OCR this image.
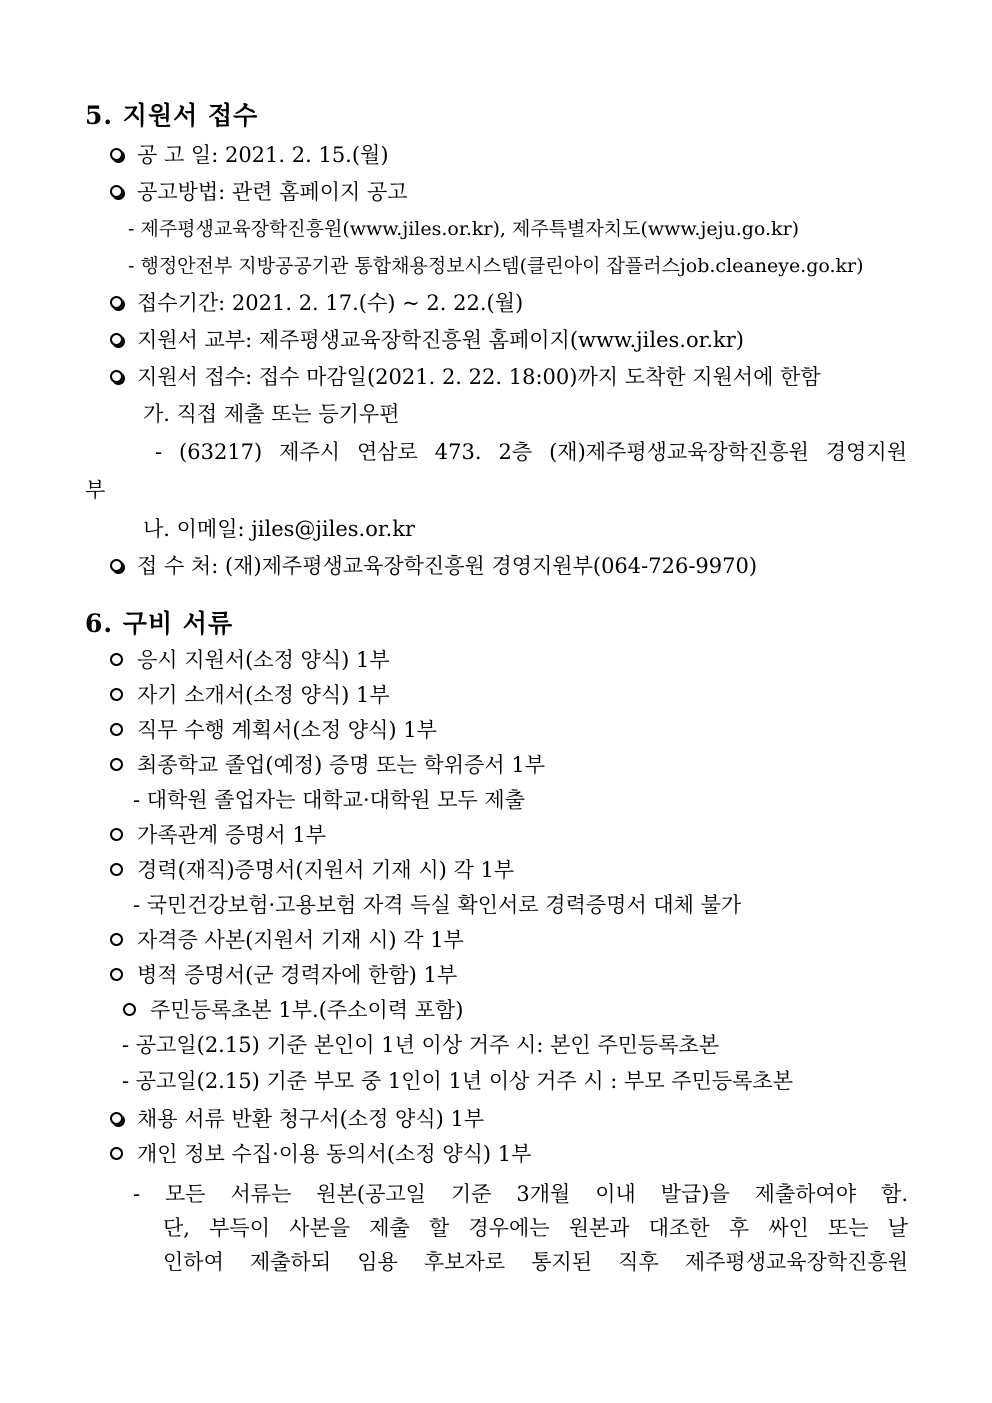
5. 지원서 접수
공 고 일: 2021. 2. 15.(월)
공고방법: 관련 홈페이지 공고
- 제주평생교육장학진흥원(www.jiles.or.kr), 제주특별자치도(www.jeju.go.kr)
- 행정안전부 지방공공기관 통합채용정보시스템(클린아이 잡플러스job.cleaneye.go.kr)
접수기간: 2021. 2. 17.(수) ~ 2. 22.(월)
지원서 교부: 제주평생교육장학진흥원 홈페이지(www.jiles.or.kr)
지원서 접수: 접수 마감일(2021. 2. 22. 18:00)까지 도착한 지원서에 한함
가. 직접 제출 또는 등기우편
- (63217) 제주시 연삼로 473. 2층 (재)제주평생교육장학진흥원 경영지원
부
나. 이메일: jiles@jiles.or.kr
접 수 처: (재)제주평생교육장학진흥원 경영지원부(064-726-9970)
6. 구비 서류
응시 지원서(소정 양식) 1부
자기 소개서(소정 양식) 1부
직무 수행 계획서(소정 양식) 1부
최종학교 졸업(예정) 증명 또는 학위증서 1부
- 대학원 졸업자는 대학교·대학원 모두 제출
가족관계 증명서 1부
경력(재직)증명서(지원서 기재 시) 각 1부
- 국민건강보험·고용보험 자격 득실 확인서로 경력증명서 대체 불가
자격증 사본(지원서 기재 시) 각 1부
병적 증명서(군 경력자에 한함) 1부
주민등록초본 1부.(주소이력 포함)
- 공고일(2.15) 기준 본인이 1년 이상 거주 시: 본인 주민등록초본
- 공고일(2.15) 기준 부모 중 1인이 1년 이상 거주 시 : 부모 주민등록초본
채용 서류 반환 청구서(소정 양식) 1부
개인 정보 수집·이용 동의서(소정 양식) 1부
- 모든 서류는 원본(공고일 기준 3개월 이내 발급)을 제출하여야 함.
단, 부득이 사본을 제출 할 경우에는 원본과 대조한 후 싸인 또는 날
인하여 제출하되 임용 후보자로 통지된 직후 제주평생교육장학진흥원
